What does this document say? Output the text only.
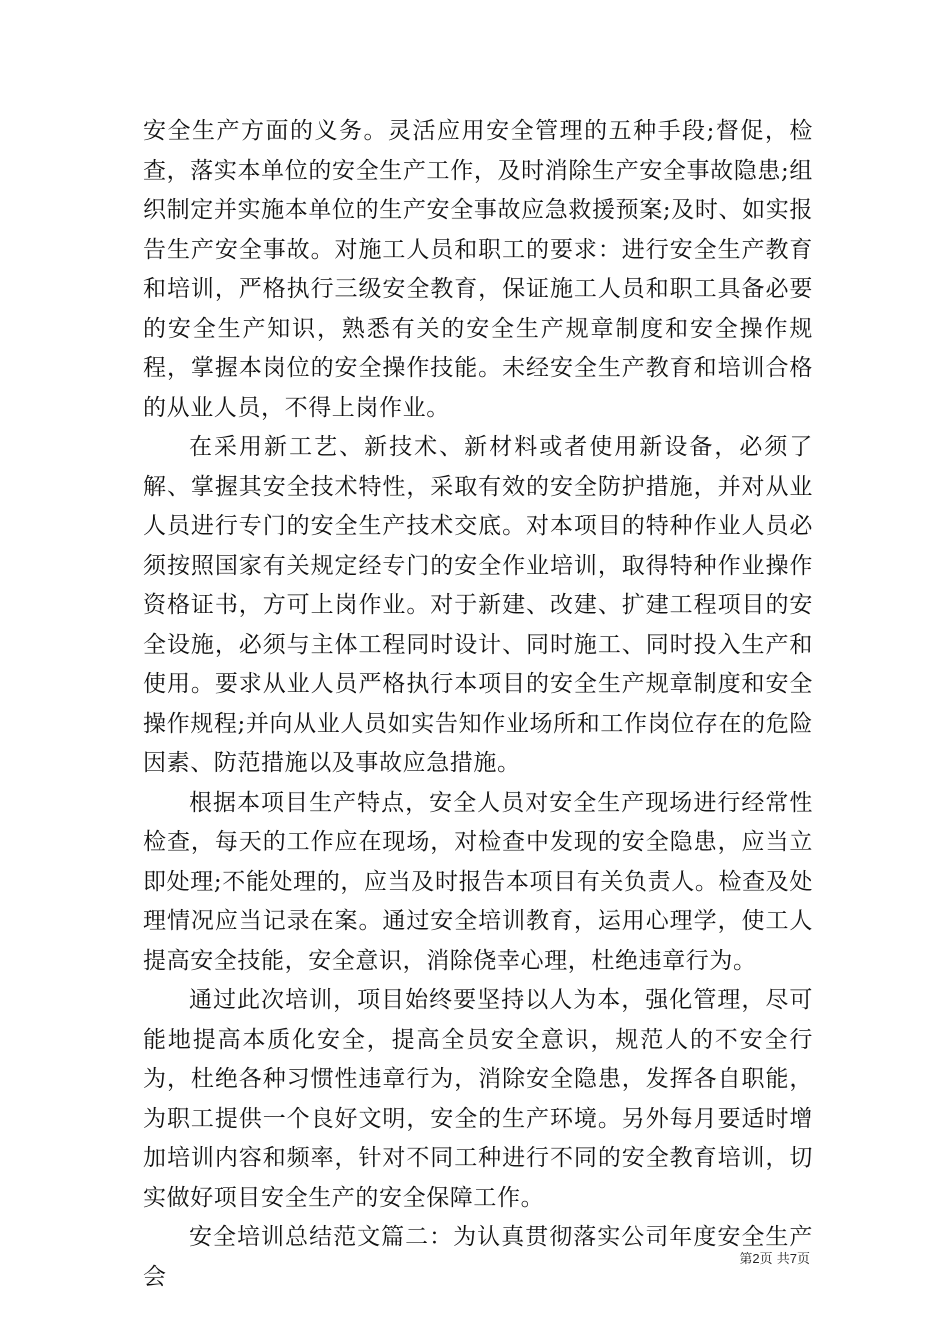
安全生产方面的义务。灵活应用安全管理的五种手段;督促，检查，落实本单位的安全生产工作，及时消除生产安全事故隐患;组织制定并实施本单位的生产安全事故应急救援预案;及时、如实报告生产安全事故。对施工人员和职工的要求：进行安全生产教育和培训，严格执行三级安全教育，保证施工人员和职工具备必要的安全生产知识，熟悉有关的安全生产规章制度和安全操作规程，掌握本岗位的安全操作技能。未经安全生产教育和培训合格的从业人员，不得上岗作业。

在采用新工艺、新技术、新材料或者使用新设备，必须了解、掌握其安全技术特性，采取有效的安全防护措施，并对从业人员进行专门的安全生产技术交底。对本项目的特种作业人员必须按照国家有关规定经专门的安全作业培训，取得特种作业操作资格证书，方可上岗作业。对于新建、改建、扩建工程项目的安全设施，必须与主体工程同时设计、同时施工、同时投入生产和使用。要求从业人员严格执行本项目的安全生产规章制度和安全操作规程;并向从业人员如实告知作业场所和工作岗位存在的危险因素、防范措施以及事故应急措施。

根据本项目生产特点，安全人员对安全生产现场进行经常性检查，每天的工作应在现场，对检查中发现的安全隐患，应当立即处理;不能处理的，应当及时报告本项目有关负责人。检查及处理情况应当记录在案。通过安全培训教育，运用心理学，使工人提高安全技能，安全意识，消除侥幸心理，杜绝违章行为。

通过此次培训，项目始终要坚持以人为本，强化管理，尽可能地提高本质化安全，提高全员安全意识，规范人的不安全行为，杜绝各种习惯性违章行为，消除安全隐患，发挥各自职能，为职工提供一个良好文明，安全的生产环境。另外每月要适时增加培训内容和频率，针对不同工种进行不同的安全教育培训，切实做好项目安全生产的安全保障工作。

安全培训总结范文篇二：为认真贯彻落实公司年度安全生产会

第2页 共7页
